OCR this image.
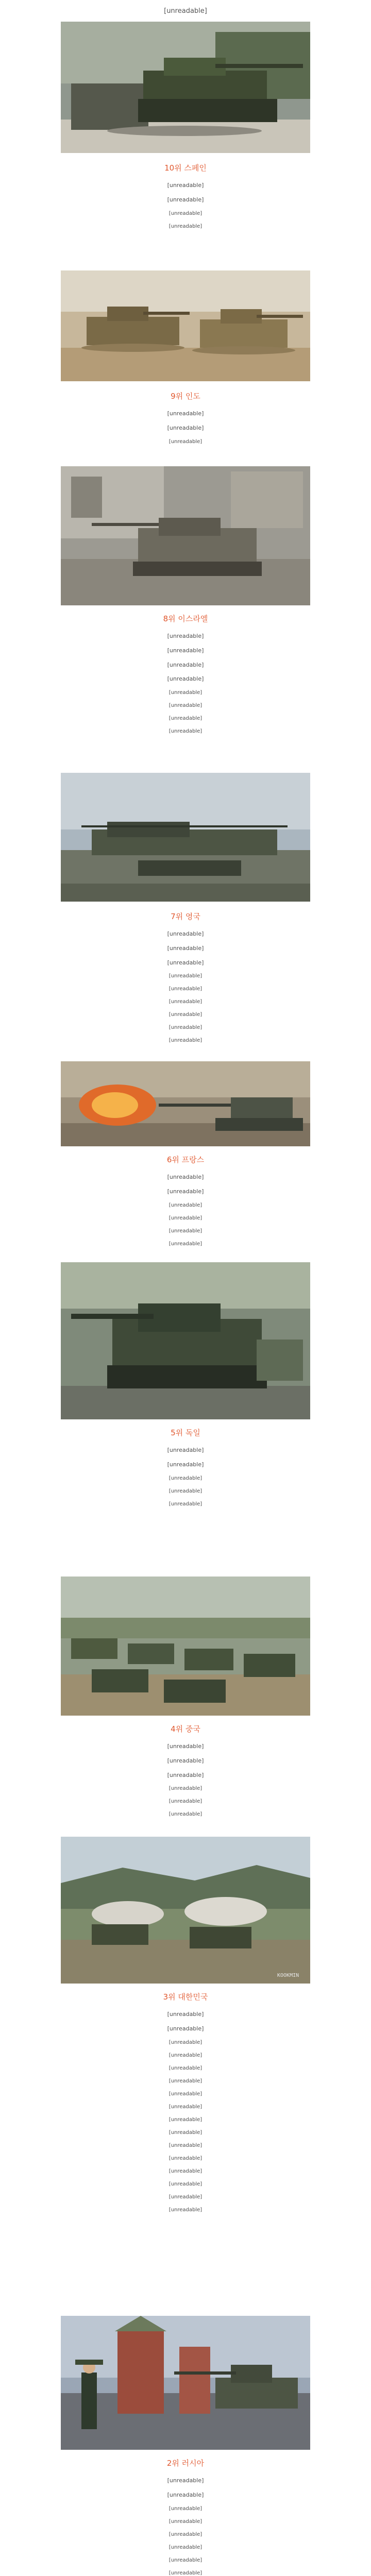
[unreadable]
10위 스페인

[unreadable]

[unreadable]

[unreadable]

[unreadable]

9위 인도

[unreadable]

[unreadable]

[unreadable]

8위 이스라엘

[unreadable]

[unreadable]

[unreadable]

[unreadable]

[unreadable]

[unreadable]

[unreadable]

[unreadable]

7위 영국

[unreadable]

[unreadable]

[unreadable]

[unreadable]

[unreadable]

[unreadable]

[unreadable]

[unreadable]

[unreadable]

6위 프랑스

[unreadable]

[unreadable]

[unreadable]

[unreadable]

[unreadable]

[unreadable]

5위 독일

[unreadable]

[unreadable]

[unreadable]

[unreadable]

[unreadable]

4위 중국

[unreadable]

[unreadable]

[unreadable]

[unreadable]

[unreadable]

[unreadable]

KOOKMIN
3위 대한민국

[unreadable]

[unreadable]

[unreadable]

[unreadable]

[unreadable]

[unreadable]

[unreadable]

[unreadable]

[unreadable]

[unreadable]

[unreadable]

[unreadable]

[unreadable]

[unreadable]

[unreadable]

[unreadable]

2위 러시아

[unreadable]

[unreadable]

[unreadable]

[unreadable]

[unreadable]

[unreadable]

[unreadable]

[unreadable]
